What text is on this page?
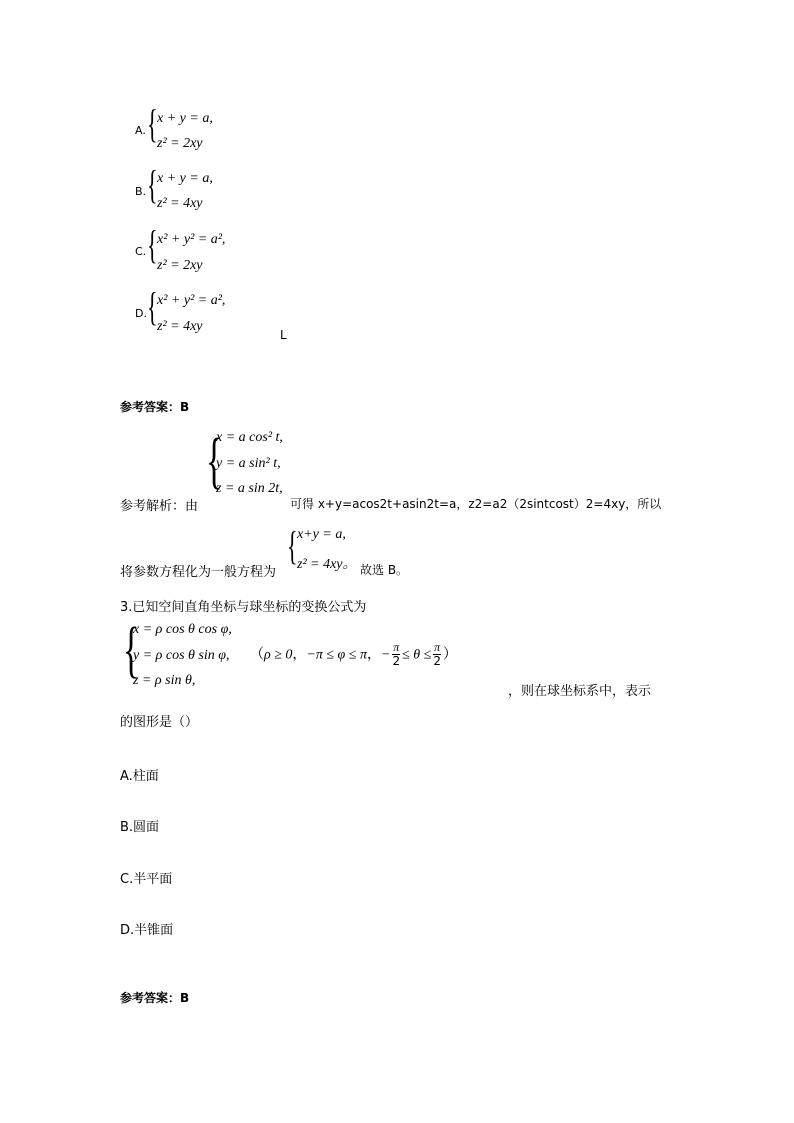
A. { x + y = a,
z² = 2xy
B. { x + y = a,
z² = 4xy
C. { x² + y² = a²,
z² = 2xy
D. { x² + y² = a²,
z² = 4xy
L
参考答案：B
参考解析：由
{
x = a cos² t,
y = a sin² t,
z = a sin 2t,
可得 x+y=acos2t+asin2t=a，z2=a2（2sintcost）2=4xy，所以
将参数方程化为一般方程为
{ x+y = a,
z² = 4xy。 故选 B。
3.已知空间直角坐标与球坐标的变换公式为
{
x = ρ cos θ cos φ,
y = ρ cos θ sin φ,
z = ρ sin θ,
（ρ ≥ 0，−π ≤ φ ≤ π，− $\frac{\pi}{2} \le \theta \le \frac{\pi}{2}$ ）
，则在球坐标系中，表示
的图形是（）
A.柱面
B.圆面
C.半平面
D.半锥面
参考答案：B
